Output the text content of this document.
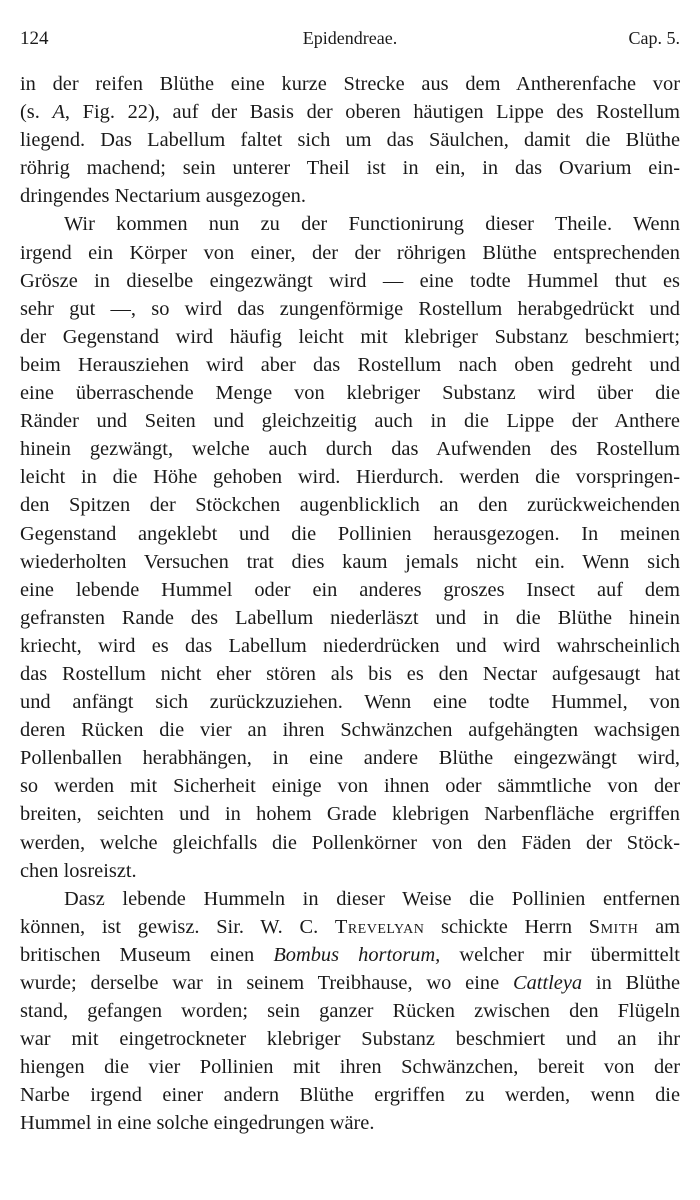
124	Epidendreae.	Cap. 5.
in der reifen Blüthe eine kurze Strecke aus dem Antherenfache vor
(s. A, Fig. 22), auf der Basis der oberen häutigen Lippe des Rostellum
liegend. Das Labellum faltet sich um das Säulchen, damit die Blüthe
röhrig machend; sein unterer Theil ist in ein, in das Ovarium ein-
dringendes Nectarium ausgezogen.
Wir kommen nun zu der Functionirung dieser Theile. Wenn
irgend ein Körper von einer, der der röhrigen Blüthe entsprechenden
Grösze in dieselbe eingezwängt wird — eine todte Hummel thut es
sehr gut —, so wird das zungenförmige Rostellum herabgedrückt und
der Gegenstand wird häufig leicht mit klebriger Substanz beschmiert;
beim Herausziehen wird aber das Rostellum nach oben gedreht und
eine überraschende Menge von klebriger Substanz wird über die
Ränder und Seiten und gleichzeitig auch in die Lippe der Anthere
hinein gezwängt, welche auch durch das Aufwenden des Rostellum
leicht in die Höhe gehoben wird. Hierdurch. werden die vorspringen-
den Spitzen der Stöckchen augenblicklich an den zurückweichenden
Gegenstand angeklebt und die Pollinien herausgezogen. In meinen
wiederholten Versuchen trat dies kaum jemals nicht ein. Wenn sich
eine lebende Hummel oder ein anderes groszes Insect auf dem
gefransten Rande des Labellum niederläszt und in die Blüthe hinein
kriecht, wird es das Labellum niederdrücken und wird wahrscheinlich
das Rostellum nicht eher stören als bis es den Nectar aufgesaugt hat
und anfängt sich zurückzuziehen. Wenn eine todte Hummel, von
deren Rücken die vier an ihren Schwänzchen aufgehängten wachsigen
Pollenballen herabhängen, in eine andere Blüthe eingezwängt wird,
so werden mit Sicherheit einige von ihnen oder sämmtliche von der
breiten, seichten und in hohem Grade klebrigen Narbenfläche ergriffen
werden, welche gleichfalls die Pollenkörner von den Fäden der Stöck-
chen losreiszt.
Dasz lebende Hummeln in dieser Weise die Pollinien entfernen
können, ist gewisz. Sir. W. C. Trevelyan schickte Herrn Smith am
britischen Museum einen Bombus hortorum, welcher mir übermittelt
wurde; derselbe war in seinem Treibhause, wo eine Cattleya in Blüthe
stand, gefangen worden; sein ganzer Rücken zwischen den Flügeln
war mit eingetrockneter klebriger Substanz beschmiert und an ihr
hiengen die vier Pollinien mit ihren Schwänzchen, bereit von der
Narbe irgend einer andern Blüthe ergriffen zu werden, wenn die
Hummel in eine solche eingedrungen wäre.
